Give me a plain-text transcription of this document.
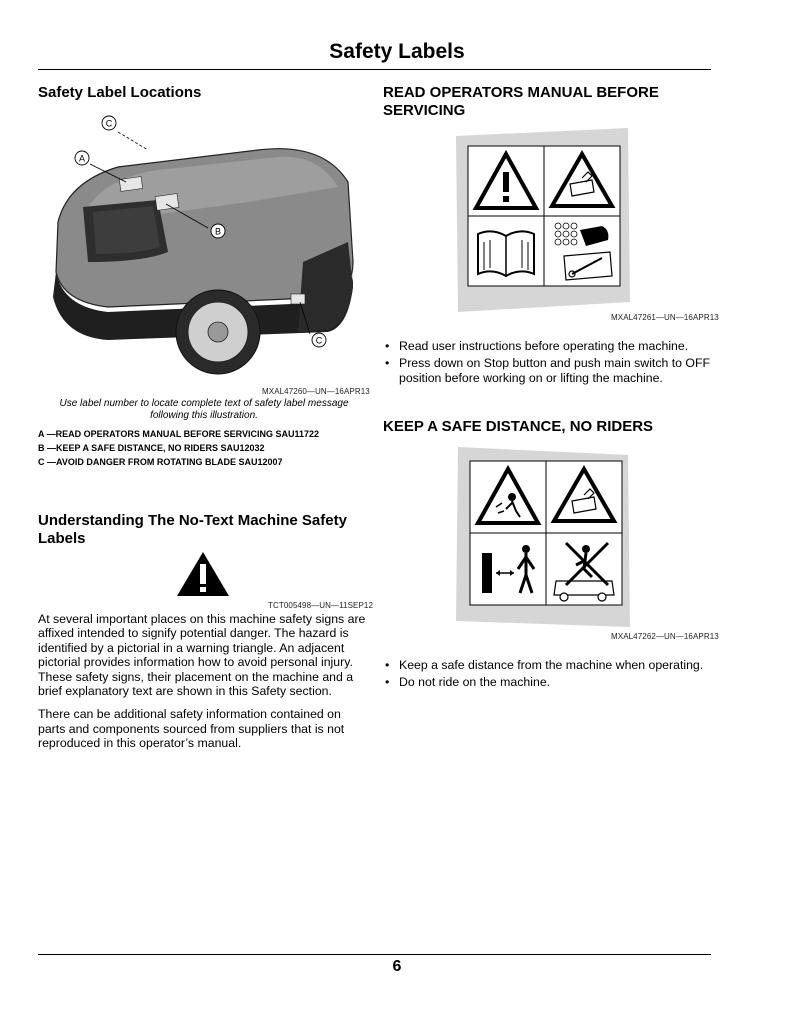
Safety Labels
Safety Label Locations
C
A
B
C
MXAL47260—UN—16APR13
Use label number to locate complete text of safety label message following this illustration.
A —READ OPERATORS MANUAL BEFORE SERVICING SAU11722
B —KEEP A SAFE DISTANCE, NO RIDERS SAU12032
C —AVOID DANGER FROM ROTATING BLADE SAU12007
Understanding The No-Text Machine Safety Labels
TCT005498—UN—11SEP12

At several important places on this machine safety signs are affixed intended to signify potential danger. The hazard is identified by a pictorial in a warning triangle. An adjacent pictorial provides information how to avoid personal injury. These safety signs, their placement on the machine and a brief explanatory text are shown in this Safety section.

There can be additional safety information contained on parts and components sourced from suppliers that is not reproduced in this operator’s manual.

READ OPERATORS MANUAL BEFORE SERVICING
MXAL47261—UN—16APR13
• Read user instructions before operating the machine.
• Press down on Stop button and push main switch to OFF position before working on or lifting the machine.
KEEP A SAFE DISTANCE, NO RIDERS
MXAL47262—UN—16APR13
• Keep a safe distance from the machine when operating.
• Do not ride on the machine.
6
